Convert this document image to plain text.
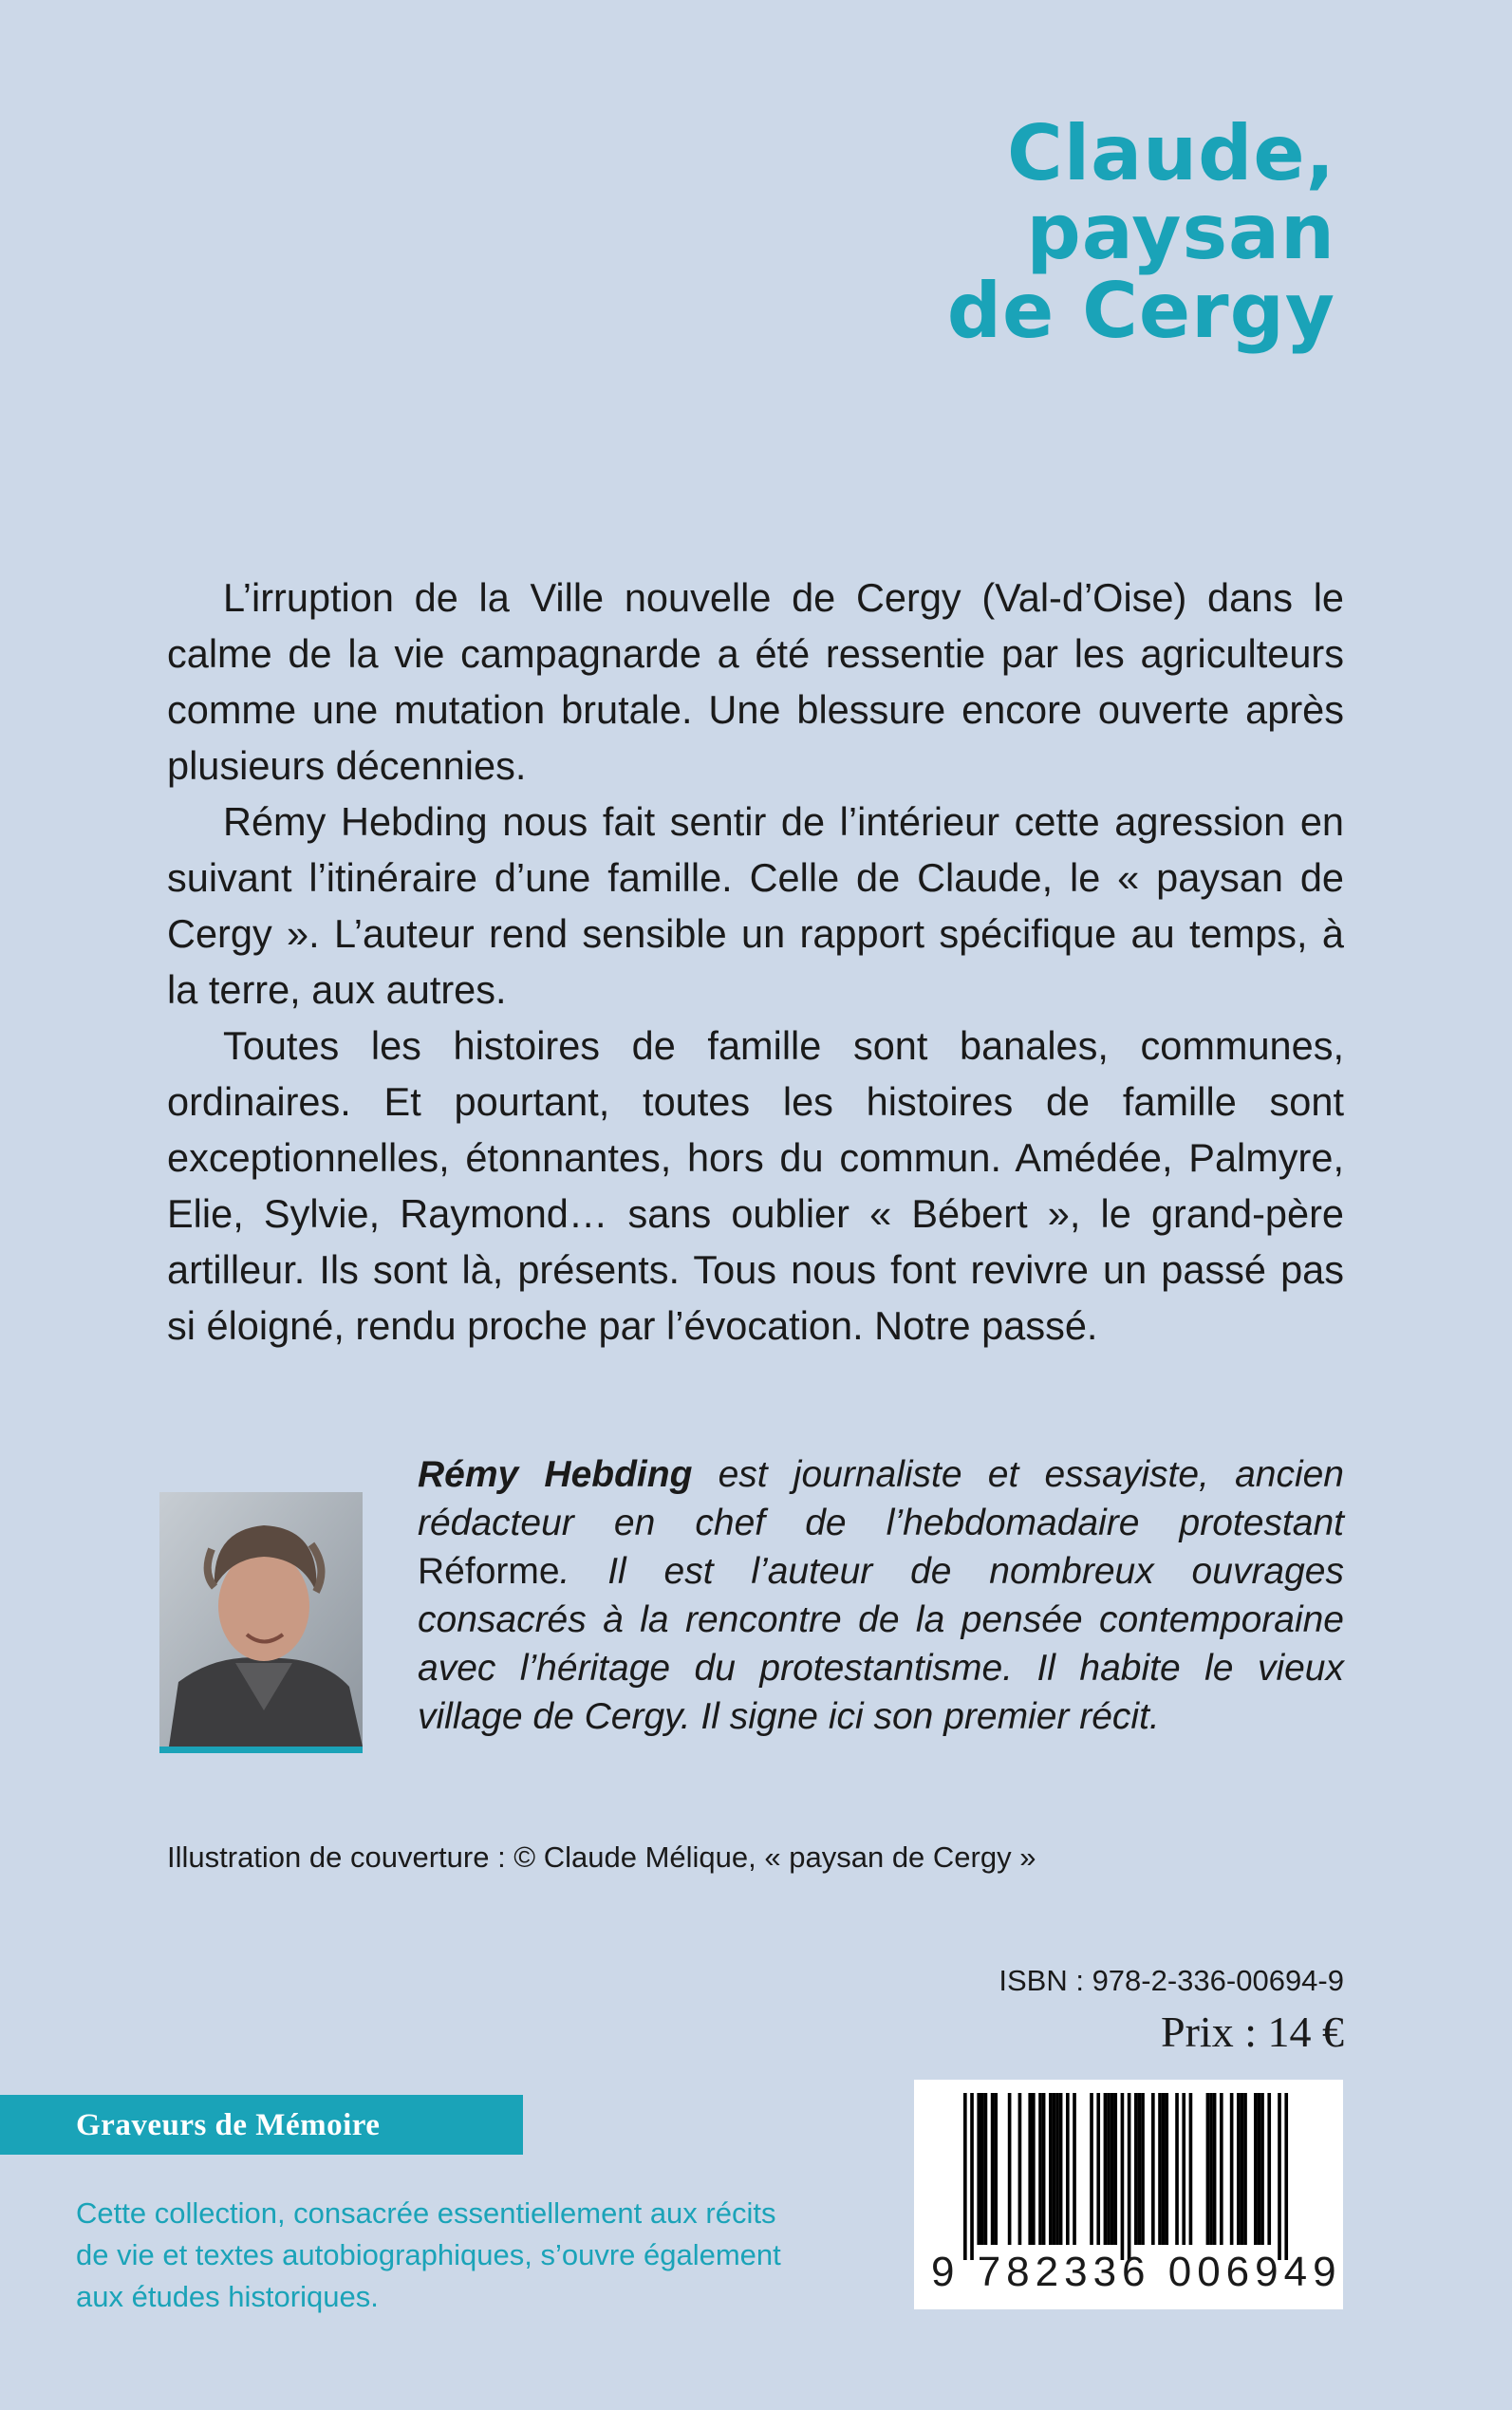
Claude,
paysan
de Cergy

L’irruption de la Ville nouvelle de Cergy (Val-d’Oise) dans le calme de la vie campagnarde a été ressentie par les agriculteurs comme une mutation brutale. Une blessure encore ouverte après plusieurs décennies.

Rémy Hebding nous fait sentir de l’intérieur cette agression en suivant l’itinéraire d’une famille. Celle de Claude, le « paysan de Cergy ». L’auteur rend sensible un rapport spécifique au temps, à la terre, aux autres.

Toutes les histoires de famille sont banales, communes, ordinaires. Et pourtant, toutes les histoires de famille sont exceptionnelles, étonnantes, hors du commun. Amédée, Palmyre, Elie, Sylvie, Raymond… sans oublier « Bébert », le grand-père artilleur. Ils sont là, présents. Tous nous font revivre un passé pas si éloigné, rendu proche par l’évocation. Notre passé.

Rémy Hebding est journaliste et essayiste, ancien rédacteur en chef de l’hebdomadaire protestant Réforme. Il est l’auteur de nombreux ouvrages consacrés à la rencontre de la pensée contemporaine avec l’héritage du protestantisme. Il habite le vieux village de Cergy. Il signe ici son premier récit.
Illustration de couverture : © Claude Mélique, « paysan de Cergy »
ISBN : 978-2-336-00694-9
Prix : 14 €
Graveurs de Mémoire
Cette collection, consacrée essentiellement aux récits de vie et textes autobiographiques, s’ouvre également aux études historiques.
9 782336 006949
